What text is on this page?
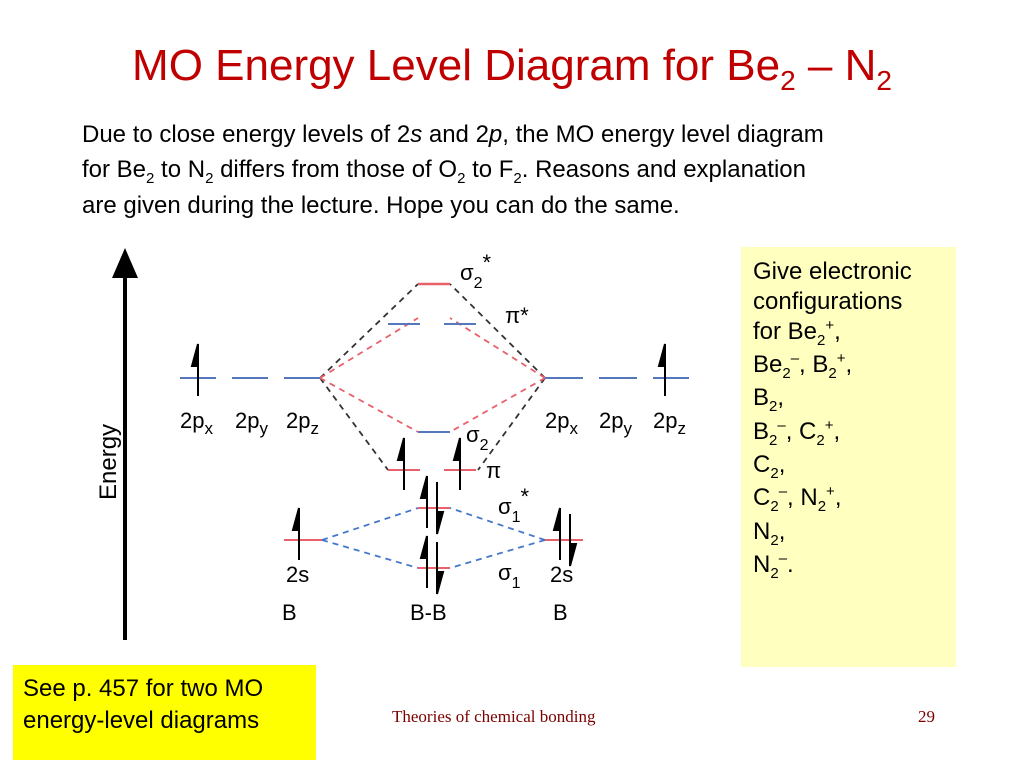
MO Energy Level Diagram for $Be_2 - N_2$
Due to close energy levels of 2s and 2p, the MO energy level diagram
for $Be_2$ to $N_2$ differs from those of $O_2$ to $F_2$. Reasons and explanation
are given during the lecture. Hope you can do the same.
Energy
$2p_x$ $2p_y$ $2p_z$	$2p_x$ $2p_y$ $2p_z$
2s	2s
B	B
B-B
$\sigma_2*$
π*
$\sigma_2$
π
$\sigma_1*$
$\sigma_1$
Give electronic
configurations
for $Be_2^+$,
$Be_2^-$, $B_2^+$,
$B_2$,
$B_2^-$, $C_2^+$,
$C_2$,
$C_2^-$, $N_2^+$,
$N_2$,
$N_2^-$.
See p. 457 for two MO
energy-level diagrams	Theories of chemical bonding	29
